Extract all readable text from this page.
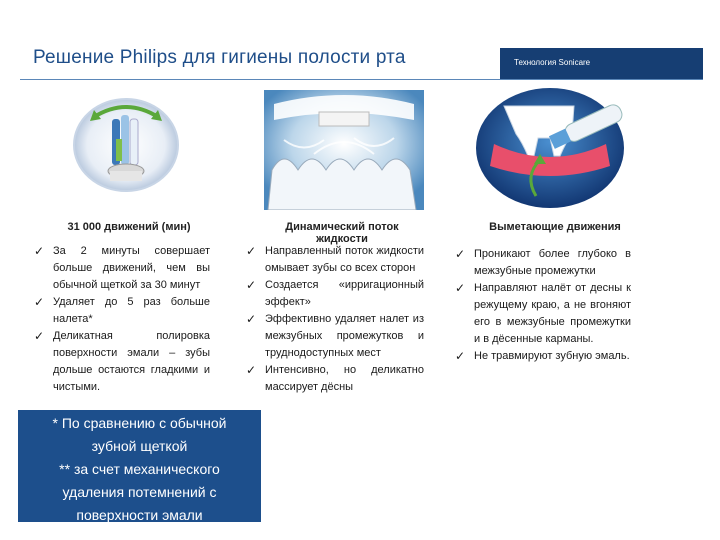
Решение Philips для гигиены полости рта	Технология Sonicare
31 000 движений (мин)
✓ За 2 минуты совершает больше движений, чем вы обычной щеткой за 30 минут
✓ Удаляет до 5 раз больше налета*
✓ Деликатная полировка поверхности эмали – зубы дольше остаются гладкими и чистыми.
Динамический поток
жидкости
✓ Направленный поток жидкости омывает зубы со всех сторон
✓ Создается «ирригационный эффект»
✓ Эффективно удаляет налет из межзубных промежутков и труднодоступных мест
✓ Интенсивно, но деликатно массирует дёсны
Выметающие движения
✓ Проникают более глубоко в межзубные промежутки
✓ Направляют налёт от десны к режущему краю, а не вгоняют его в межзубные промежутки и в дёсенные карманы.
✓ Не травмируют зубную эмаль.
* По сравнению с обычной
зубной щеткой
** за счет механического
удаления потемнений с
поверхности эмали
